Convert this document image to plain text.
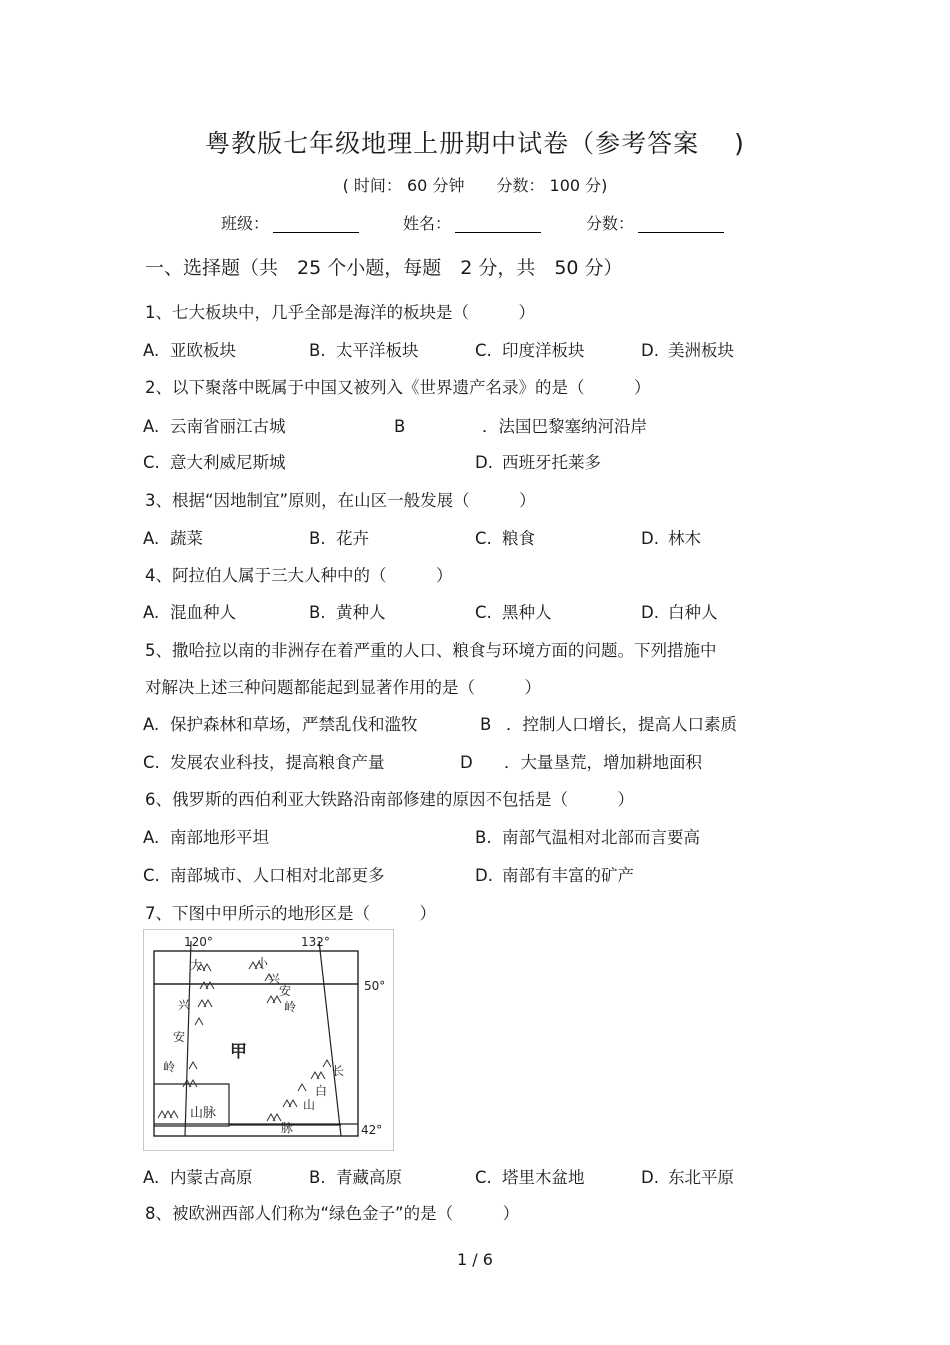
粤教版七年级地理上册期中试卷（参考答案　 )
( 时间： 60 分钟　　分数： 100 分)
班级：	姓名：	分数：
一、选择题（共　25 个小题，每题　2 分，共　50 分）
1、七大板块中，几乎全部是海洋的板块是（　　　）
A. 亚欧板块	B. 太平洋板块	C. 印度洋板块	D. 美洲板块
2、以下聚落中既属于中国又被列入《世界遗产名录》的是（　　　）
A. 云南省丽江古城	B	．法国巴黎塞纳河沿岸
C. 意大利威尼斯城	D. 西班牙托莱多
3、根据“因地制宜”原则，在山区一般发展（　　　）
A. 蔬菜	B. 花卉	C. 粮食	D. 林木
4、阿拉伯人属于三大人种中的（　　　）
A. 混血种人	B. 黄种人	C. 黑种人	D. 白种人
5、撒哈拉以南的非洲存在着严重的人口、粮食与环境方面的问题。下列措施中
对解决上述三种问题都能起到显著作用的是（　　　）
A. 保护森林和草场，严禁乱伐和滥牧	B ．控制人口增长，提高人口素质
C. 发展农业科技，提高粮食产量	D ．大量垦荒，增加耕地面积
6、俄罗斯的西伯利亚大铁路沿南部修建的原因不包括是（　　　）
A. 南部地形平坦	B. 南部气温相对北部而言要高
C. 南部城市、人口相对北部更多	D. 南部有丰富的矿产
7、下图中甲所示的地形区是（　　　）
120°	132°
50°
42°
甲
大
兴
安
岭
小
兴
安
岭
长
白
山
脉
山脉
A. 内蒙古高原	B. 青藏高原	C. 塔里木盆地	D. 东北平原
8、被欧洲西部人们称为“绿色金子”的是（　　　）
1 / 6
